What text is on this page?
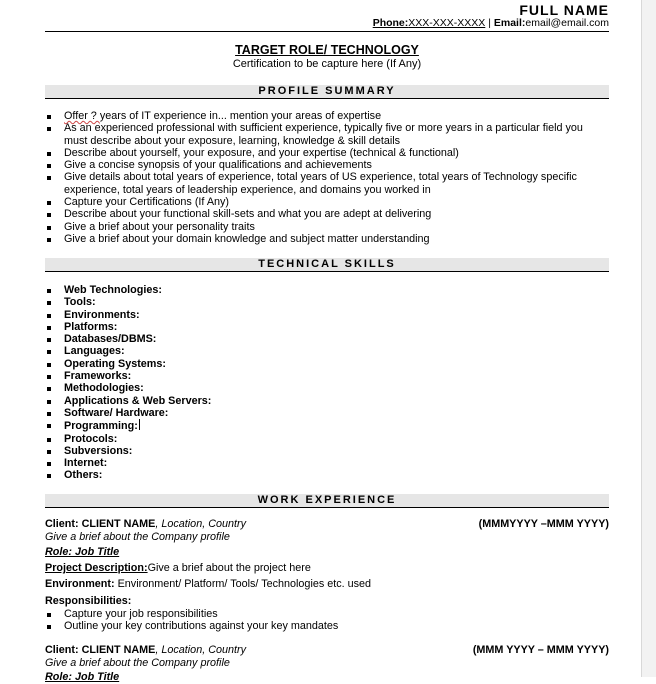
FULL NAME
Phone:XXX-XXX-XXXX | Email:email@email.com
TARGET ROLE/ TECHNOLOGY
Certification to be capture here (If Any)
PROFILE SUMMARY
Offer ? years of IT experience in... mention your areas of expertise
As an experienced professional with sufficient experience, typically five or more years in a particular field you must describe about your exposure, learning, knowledge & skill details
Describe about yourself, your exposure, and your expertise (technical & functional)
Give a concise synopsis of your qualifications and achievements
Give details about total years of experience, total years of US experience, total years of Technology specific experience, total years of leadership experience, and domains you worked in
Capture your Certifications (If Any)
Describe about your functional skill-sets and what you are adept at delivering
Give a brief about your personality traits
Give a brief about your domain knowledge and subject matter understanding
TECHNICAL SKILLS
Web Technologies:
Tools:
Environments:
Platforms:
Databases/DBMS:
Languages:
Operating Systems:
Frameworks:
Methodologies:
Applications & Web Servers:
Software/ Hardware:
Programming:
Protocols:
Subversions:
Internet:
Others:
WORK EXPERIENCE
Client: CLIENT NAME, Location, Country	(MMMYYYY –MMM YYYY)
Give a brief about the Company profile
Role: Job Title
Project Description:Give a brief about the project here
Environment: Environment/ Platform/ Tools/ Technologies etc. used
Responsibilities:
Capture your job responsibilities
Outline your key contributions against your key mandates
Client: CLIENT NAME, Location, Country	(MMM YYYY – MMM YYYY)
Give a brief about the Company profile
Role: Job Title
